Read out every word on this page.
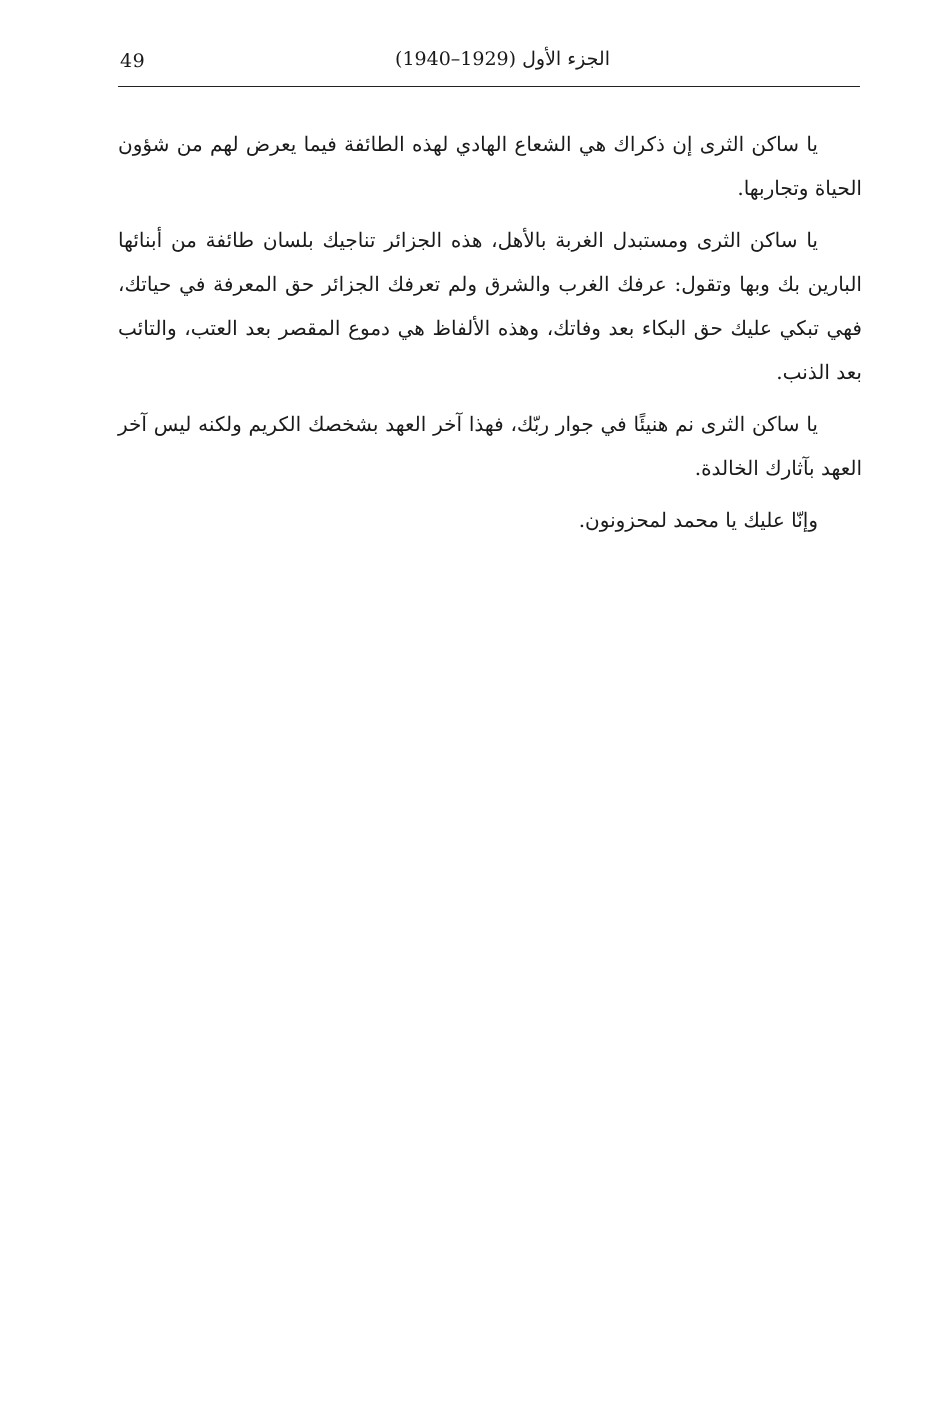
49	الجزء الأول (1929–1940)

يا ساكن الثرى إن ذكراك هي الشعاع الهادي لهذه الطائفة فيما يعرض لهم من شؤون الحياة وتجاربها.

يا ساكن الثرى ومستبدل الغربة بالأهل، هذه الجزائر تناجيك بلسان طائفة من أبنائها البارين بك وبها وتقول: عرفك الغرب والشرق ولم تعرفك الجزائر حق المعرفة في حياتك، فهي تبكي عليك حق البكاء بعد وفاتك، وهذه الألفاظ هي دموع المقصر بعد العتب، والتائب بعد الذنب.

يا ساكن الثرى نم هنيئًا في جوار ربّك، فهذا آخر العهد بشخصك الكريم ولكنه ليس آخر العهد بآثارك الخالدة.

وإنّا عليك يا محمد لمحزونون.
